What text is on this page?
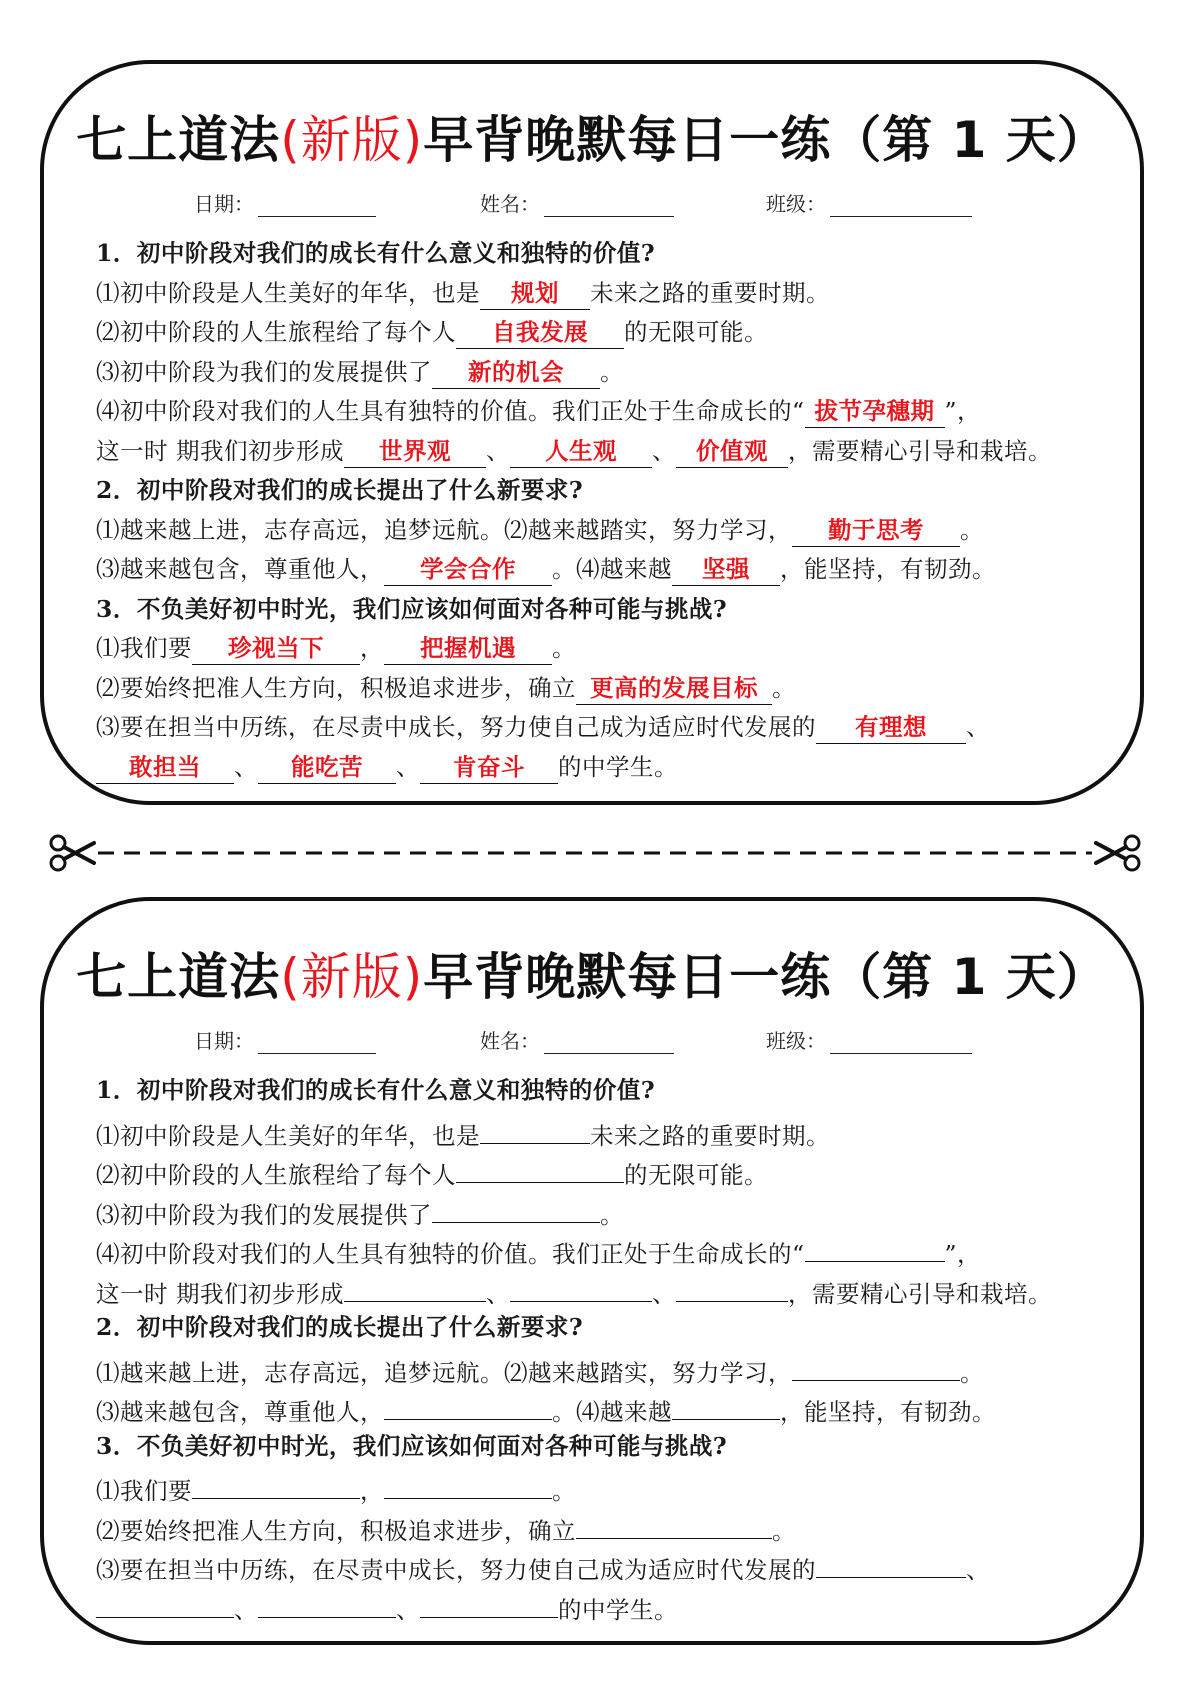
七上道法(新版)早背晚默每日一练（第 1 天）
日期：	姓名：	班级：
1．初中阶段对我们的成长有什么意义和独特的价值?
⑴初中阶段是人生美好的年华，也是 规划 未来之路的重要时期。
⑵初中阶段的人生旅程给了每个人 自我发展 的无限可能。
⑶初中阶段为我们的发展提供了 新的机会 。
⑷初中阶段对我们的人生具有独特的价值。我们正处于生命成长的“ 拔节孕穗期 ”，
这一时 期我们初步形成 世界观 、 人生观 、 价值观 ，需要精心引导和栽培。
2．初中阶段对我们的成长提出了什么新要求?
⑴越来越上进，志存高远，追梦远航。⑵越来越踏实，努力学习， 勤于思考 。
⑶越来越包含，尊重他人， 学会合作 。⑷越来越 坚强 ，能坚持，有韧劲。
3．不负美好初中时光，我们应该如何面对各种可能与挑战?
⑴我们要 珍视当下 ， 把握机遇 。
⑵要始终把准人生方向，积极追求进步，确立 更高的发展目标 。
⑶要在担当中历练，在尽责中成长，努力使自己成为适应时代发展的 有理想 、
敢担当 、 能吃苦 、 肯奋斗 的中学生。
七上道法(新版)早背晚默每日一练（第 1 天）
日期：	姓名：	班级：
1．初中阶段对我们的成长有什么意义和独特的价值?
⑴初中阶段是人生美好的年华，也是	未来之路的重要时期。
⑵初中阶段的人生旅程给了每个人	的无限可能。
⑶初中阶段为我们的发展提供了	。
⑷初中阶段对我们的人生具有独特的价值。我们正处于生命成长的“	”，
这一时 期我们初步形成	、	、	，需要精心引导和栽培。
2．初中阶段对我们的成长提出了什么新要求?
⑴越来越上进，志存高远，追梦远航。⑵越来越踏实，努力学习，	。
⑶越来越包含，尊重他人，	。⑷越来越	，能坚持，有韧劲。
3．不负美好初中时光，我们应该如何面对各种可能与挑战?
⑴我们要	，	。
⑵要始终把准人生方向，积极追求进步，确立	。
⑶要在担当中历练，在尽责中成长，努力使自己成为适应时代发展的	、
、	、	的中学生。
